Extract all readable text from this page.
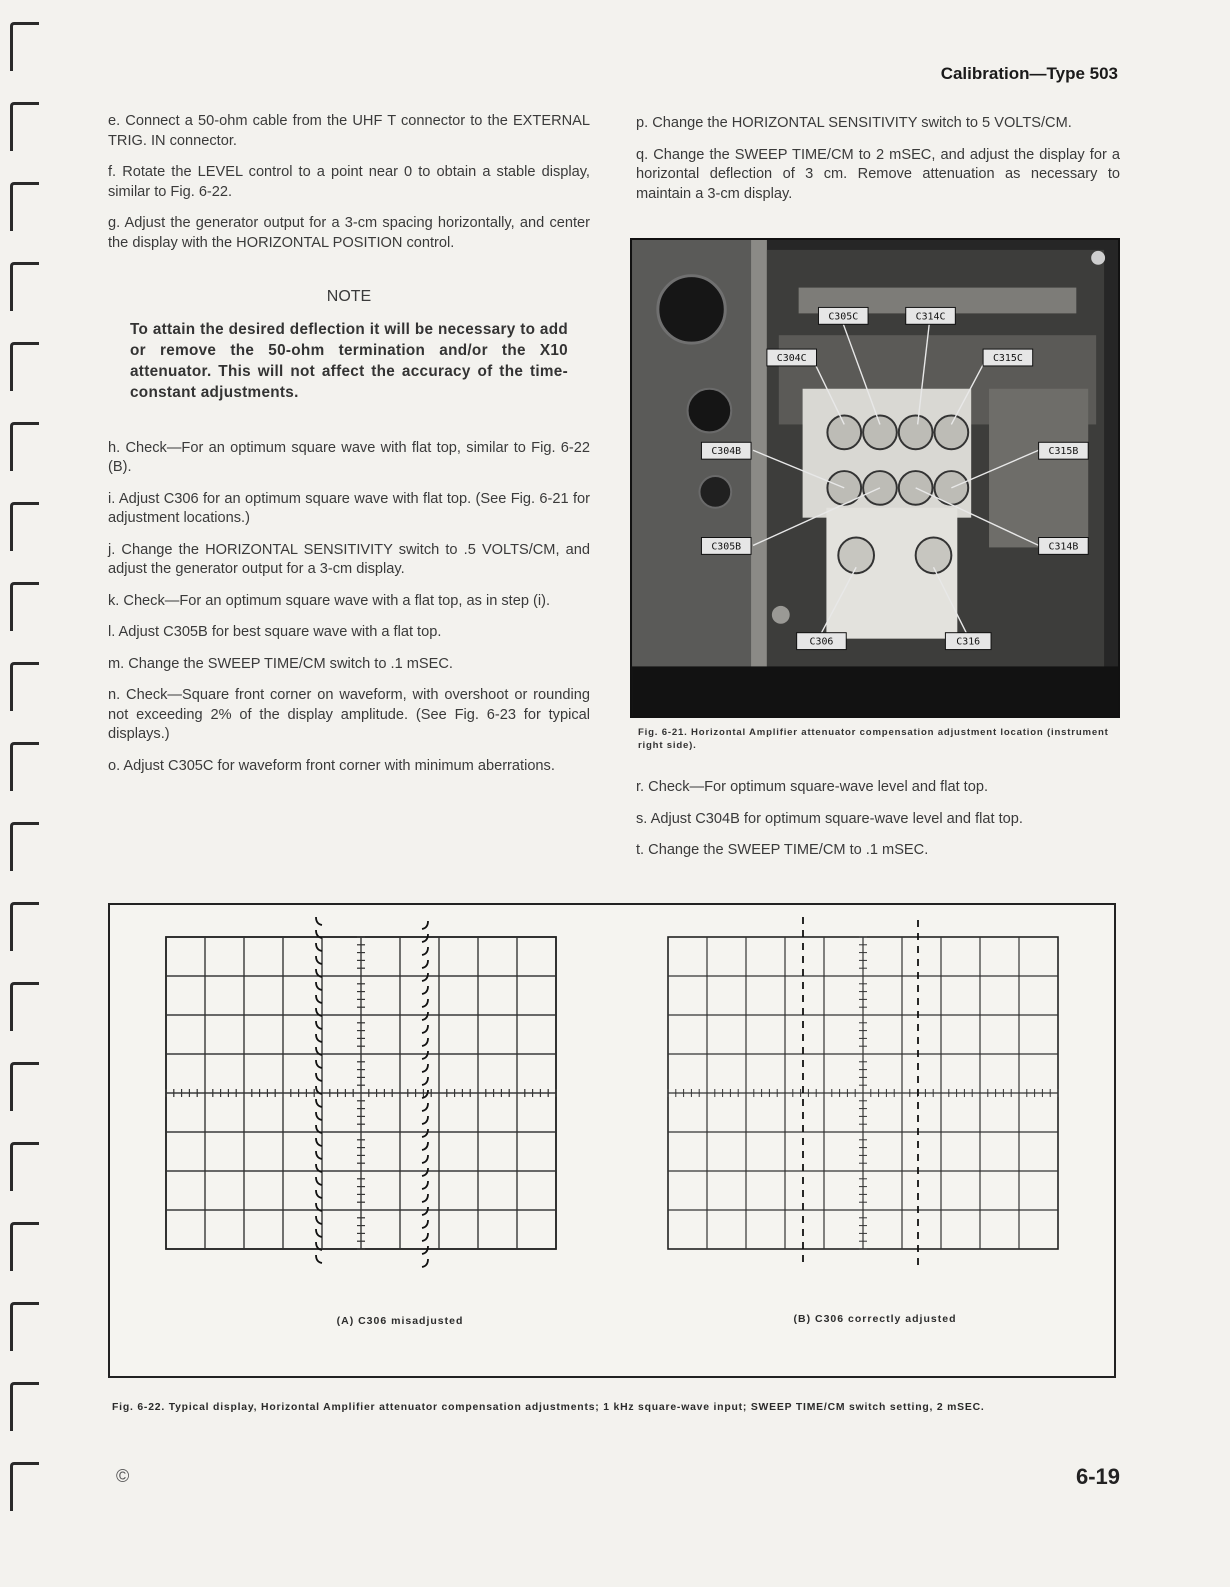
Calibration—Type 503

e. Connect a 50-ohm cable from the UHF T connector to the EXTERNAL TRIG. IN connector.

f. Rotate the LEVEL control to a point near 0 to obtain a stable display, similar to Fig. 6-22.

g. Adjust the generator output for a 3-cm spacing horizontally, and center the display with the HORIZONTAL POSITION control.

NOTE
To attain the desired deflection it will be necessary to add or remove the 50-ohm termination and/or the X10 attenuator. This will not affect the accuracy of the time-constant adjustments.

h. Check—For an optimum square wave with flat top, similar to Fig. 6-22 (B).

i. Adjust C306 for an optimum square wave with flat top. (See Fig. 6-21 for adjustment locations.)

j. Change the HORIZONTAL SENSITIVITY switch to .5 VOLTS/CM, and adjust the generator output for a 3-cm display.

k. Check—For an optimum square wave with a flat top, as in step (i).

l. Adjust C305B for best square wave with a flat top.

m. Change the SWEEP TIME/CM switch to .1 mSEC.

n. Check—Square front corner on waveform, with overshoot or rounding not exceeding 2% of the display amplitude. (See Fig. 6-23 for typical displays.)

o. Adjust C305C for waveform front corner with minimum aberrations.

p. Change the HORIZONTAL SENSITIVITY switch to 5 VOLTS/CM.

q. Change the SWEEP TIME/CM to 2 mSEC, and adjust the display for a horizontal deflection of 3 cm. Remove attenuation as necessary to maintain a 3-cm display.

C305C	C314C
C304C	C315C
C304B	C315B
C305B	C314B
C306	C316
Fig. 6-21. Horizontal Amplifier attenuator compensation adjustment location (instrument right side).

r. Check—For optimum square-wave level and flat top.

s. Adjust C304B for optimum square-wave level and flat top.

t. Change the SWEEP TIME/CM to .1 mSEC.

(A) C306 misadjusted	(B) C306 correctly adjusted
Fig. 6-22. Typical display, Horizontal Amplifier attenuator compensation adjustments; 1 kHz square-wave input; SWEEP TIME/CM switch setting, 2 mSEC.
©	6-19
